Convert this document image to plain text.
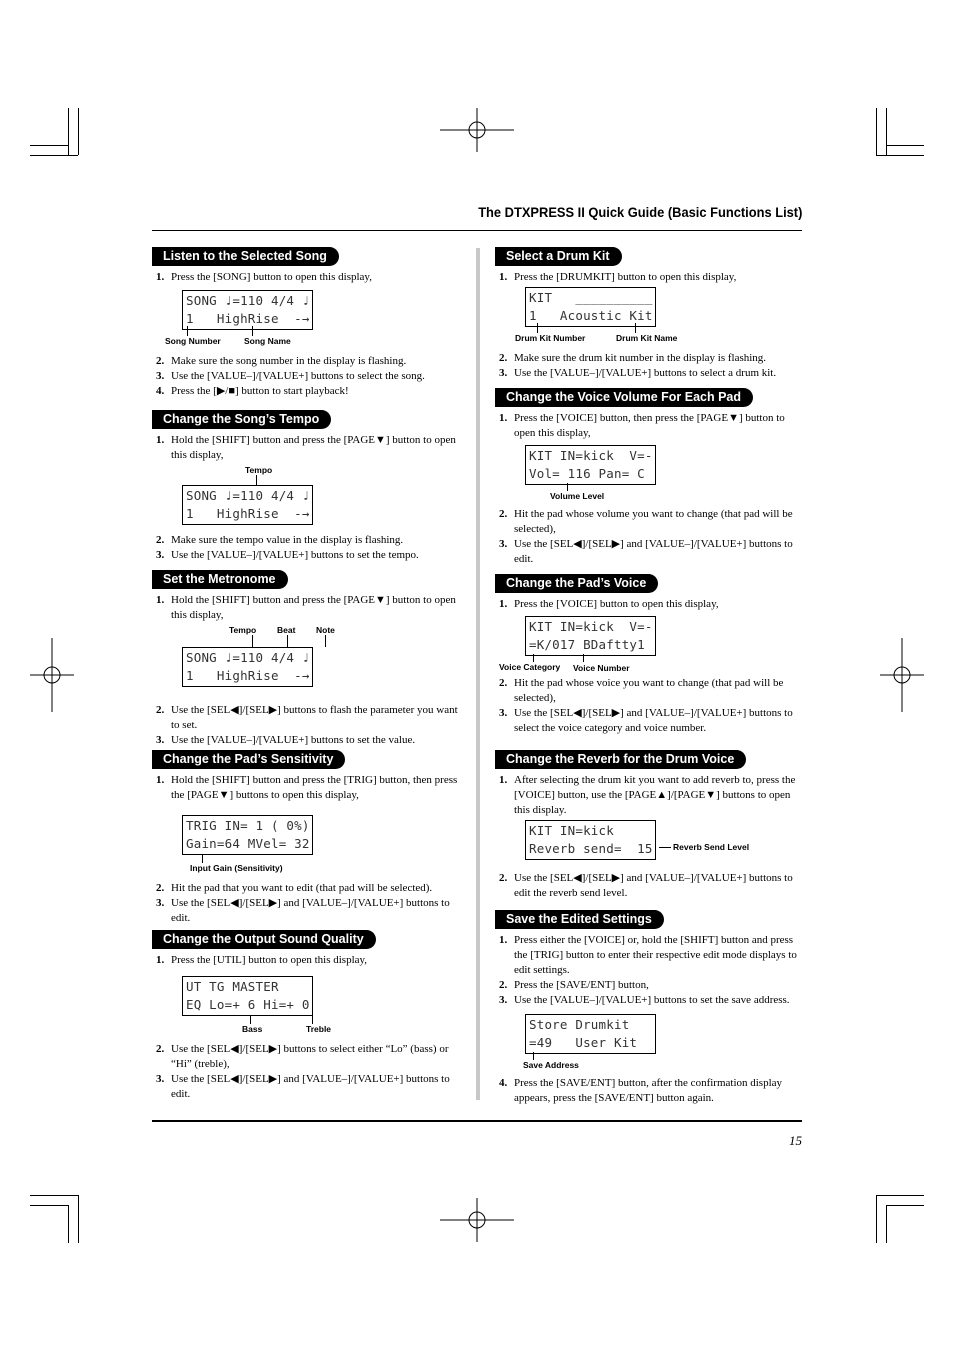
The DTXPRESS II Quick Guide (Basic Functions List)
15
Listen to the Selected Song
1. Press the [SONG] button to open this display,
SONG ♩=110 4/4 ♩
1   HighRise  -→
Song Number	Song Name
2. Make sure the song number in the display is flashing.
3. Use the [VALUE–]/[VALUE+] buttons to select the song.
4. Press the [▶/■] button to start playback!
Change the Song’s Tempo
1. Hold the [SHIFT] button and press the [PAGE▼] button to open this display,
Tempo
SONG ♩=110 4/4 ♩
1   HighRise  -→
2. Make sure the tempo value in the display is flashing.
3. Use the [VALUE–]/[VALUE+] buttons to set the tempo.
Set the Metronome
1. Hold the [SHIFT] button and press the [PAGE▼] button to open this display,
Tempo Beat Note
SONG ♩=110 4/4 ♩
1   HighRise  -→
2. Use the [SEL◀]/[SEL▶] buttons to flash the parameter you want to set.
3. Use the [VALUE–]/[VALUE+] buttons to set the value.
Change the Pad’s Sensitivity
1. Hold the [SHIFT] button and press the [TRIG] button, then press the [PAGE▼] buttons to open this display,
TRIG IN= 1 ( 0%)
Gain=64 MVel= 32
Input Gain (Sensitivity)
2. Hit the pad that you want to edit (that pad will be selected).
3. Use the [SEL◀]/[SEL▶] and [VALUE–]/[VALUE+] buttons to edit.
Change the Output Sound Quality
1. Press the [UTIL] button to open this display,
UT TG MASTER
EQ Lo=+ 6 Hi=+ 0
Bass	Treble
2. Use the [SEL◀]/[SEL▶] buttons to select either “Lo” (bass) or “Hi” (treble),
3. Use the [SEL◀]/[SEL▶] and [VALUE–]/[VALUE+] buttons to edit.
Select a Drum Kit
1. Press the [DRUMKIT] button to open this display,
KIT   __________
1   Acoustic Kit
Drum Kit Number	Drum Kit Name
2. Make sure the drum kit number in the display is flashing.
3. Use the [VALUE–]/[VALUE+] buttons to select a drum kit.
Change the Voice Volume For Each Pad
1. Press the [VOICE] button, then press the [PAGE▼] button to open this display,
KIT IN=kick  V=-
Vol= 116 Pan= C
Volume Level
2. Hit the pad whose volume you want to change (that pad will be selected),
3. Use the [SEL◀]/[SEL▶] and [VALUE–]/[VALUE+] buttons to edit.
Change the Pad’s Voice
1. Press the [VOICE] button to open this display,
KIT IN=kick  V=-
=K/017 BDaftty1
Voice Category Voice Number
2. Hit the pad whose voice you want to change (that pad will be selected),
3. Use the [SEL◀]/[SEL▶] and [VALUE–]/[VALUE+] buttons to select the voice category and voice number.
Change the Reverb for the Drum Voice
1. After selecting the drum kit you want to add reverb to, press the [VOICE] button, use the [PAGE▲]/[PAGE▼] buttons to open this display.
KIT IN=kick
Reverb send=  15 Reverb Send Level
2. Use the [SEL◀]/[SEL▶] and [VALUE–]/[VALUE+] buttons to edit the reverb send level.
Save the Edited Settings
1. Press either the [VOICE] or, hold the [SHIFT] button and press the [TRIG] button to enter their respective edit mode displays to edit settings.
2. Press the [SAVE/ENT] button,
3. Use the [VALUE–]/[VALUE+] buttons to set the save address.
Store Drumkit
=49   User Kit
Save Address
4. Press the [SAVE/ENT] button, after the confirmation display appears, press the [SAVE/ENT] button again.
